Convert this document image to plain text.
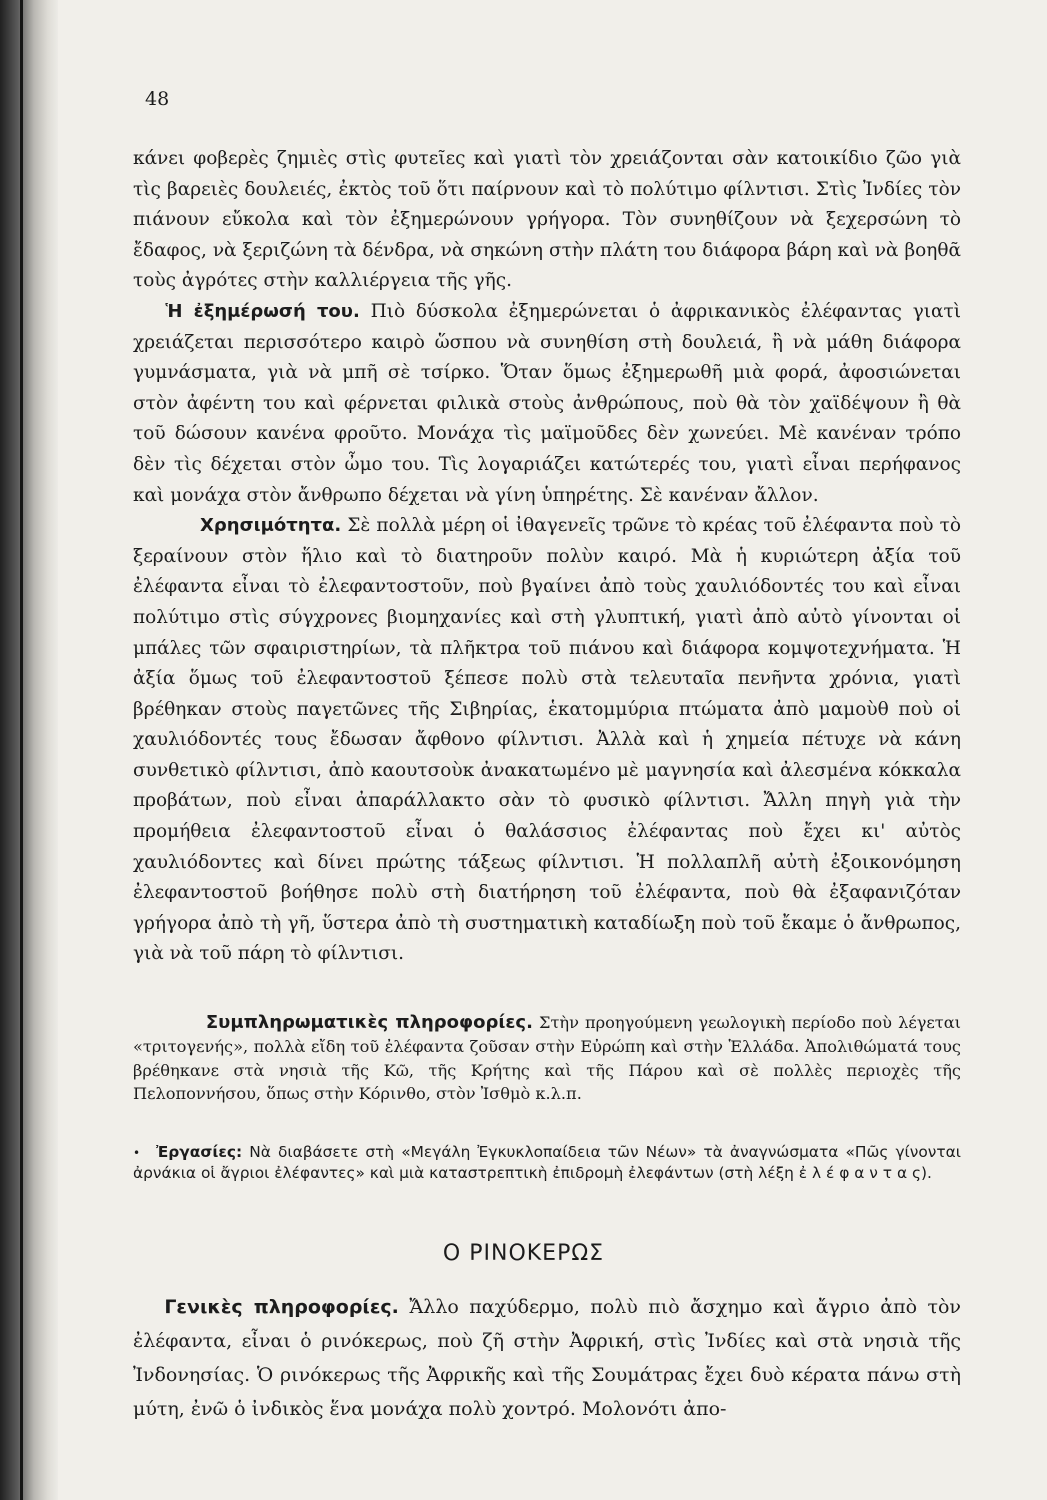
48

κάνει φοβερὲς ζημιὲς στὶς φυτεῖες καὶ γιατὶ τὸν χρειάζονται σὰν κατοικίδιο ζῶο γιὰ τὶς βαρειὲς δουλειές, ἐκτὸς τοῦ ὅτι παίρνουν καὶ τὸ πολύτιμο φίλντισι. Στὶς Ἰνδίες τὸν πιάνουν εὔκολα καὶ τὸν ἐξημερώνουν γρήγορα. Τὸν συνηθίζουν νὰ ξεχερσώνη τὸ ἔδαφος, νὰ ξεριζώνη τὰ δένδρα, νὰ σηκώνη στὴν πλάτη του διάφορα βάρη καὶ νὰ βοηθᾶ τοὺς ἀγρότες στὴν καλλιέργεια τῆς γῆς.

Ἡ ἐξημέρωσή του. Πιὸ δύσκολα ἐξημερώνεται ὁ ἀφρικανικὸς ἐλέφαντας γιατὶ χρειάζεται περισσότερο καιρὸ ὥσπου νὰ συνηθίση στὴ δουλειά, ἢ νὰ μάθη διάφορα γυμνάσματα, γιὰ νὰ μπῆ σὲ τσίρκο. Ὅταν ὅμως ἐξημερωθῆ μιὰ φορά, ἀφοσιώνεται στὸν ἀφέντη του καὶ φέρνεται φιλικὰ στοὺς ἀνθρώπους, ποὺ θὰ τὸν χαϊδέψουν ἢ θὰ τοῦ δώσουν κανένα φροῦτο. Μονάχα τὶς μαϊμοῦδες δὲν χωνεύει. Μὲ κανέναν τρόπο δὲν τὶς δέχεται στὸν ὦμο του. Τὶς λογαριάζει κατώτερές του, γιατὶ εἶναι περήφανος καὶ μονάχα στὸν ἄνθρωπο δέχεται νὰ γίνη ὑπηρέτης. Σὲ κανέναν ἄλλον.

Χρησιμότητα. Σὲ πολλὰ μέρη οἱ ἰθαγενεῖς τρῶνε τὸ κρέας τοῦ ἐλέφαντα ποὺ τὸ ξεραίνουν στὸν ἥλιο καὶ τὸ διατηροῦν πολὺν καιρό. Μὰ ἡ κυριώτερη ἀξία τοῦ ἐλέφαντα εἶναι τὸ ἐλεφαντοστοῦν, ποὺ βγαίνει ἀπὸ τοὺς χαυλιόδοντές του καὶ εἶναι πολύτιμο στὶς σύγχρονες βιομηχανίες καὶ στὴ γλυπτική, γιατὶ ἀπὸ αὐτὸ γίνονται οἱ μπάλες τῶν σφαιριστηρίων, τὰ πλῆκτρα τοῦ πιάνου καὶ διάφορα κομψοτεχνήματα. Ἡ ἀξία ὅμως τοῦ ἐλεφαντοστοῦ ξέπεσε πολὺ στὰ τελευταῖα πενῆντα χρόνια, γιατὶ βρέθηκαν στοὺς παγετῶνες τῆς Σιβηρίας, ἑκατομμύρια πτώματα ἀπὸ μαμοὺθ ποὺ οἱ χαυλιόδοντές τους ἔδωσαν ἄφθονο φίλντισι. Ἀλλὰ καὶ ἡ χημεία πέτυχε νὰ κάνη συνθετικὸ φίλντισι, ἀπὸ καουτσοὺκ ἀνακατωμένο μὲ μαγνησία καὶ ἀλεσμένα κόκκαλα προβάτων, ποὺ εἶναι ἀπαράλλακτο σὰν τὸ φυσικὸ φίλντισι. Ἄλλη πηγὴ γιὰ τὴν προμήθεια ἐλεφαντοστοῦ εἶναι ὁ θαλάσσιος ἐλέφαντας ποὺ ἔχει κι' αὐτὸς χαυλιόδοντες καὶ δίνει πρώτης τάξεως φίλντισι. Ἡ πολλαπλῆ αὐτὴ ἐξοικονόμηση ἐλεφαντοστοῦ βοήθησε πολὺ στὴ διατήρηση τοῦ ἐλέφαντα, ποὺ θὰ ἐξαφανιζόταν γρήγορα ἀπὸ τὴ γῆ, ὕστερα ἀπὸ τὴ συστηματικὴ καταδίωξη ποὺ τοῦ ἔκαμε ὁ ἄνθρωπος, γιὰ νὰ τοῦ πάρη τὸ φίλντισι.

Συμπληρωματικὲς πληροφορίες. Στὴν προηγούμενη γεωλογικὴ περίοδο ποὺ λέγεται «τριτογενής», πολλὰ εἴδη τοῦ ἐλέφαντα ζοῦσαν στὴν Εὐρώπη καὶ στὴν Ἑλλάδα. Ἀπολιθώματά τους βρέθηκανε στὰ νησιὰ τῆς Κῶ, τῆς Κρήτης καὶ τῆς Πάρου καὶ σὲ πολλὲς περιοχὲς τῆς Πελοποννήσου, ὅπως στὴν Κόρινθο, στὸν Ἰσθμὸ κ.λ.π.

• Ἐργασίες: Νὰ διαβάσετε στὴ «Μεγάλη Ἐγκυκλοπαίδεια τῶν Νέων» τὰ ἀναγνώσματα «Πῶς γίνονται ἀρνάκια οἱ ἄγριοι ἐλέφαντες» καὶ μιὰ καταστρεπτικὴ ἐπιδρομὴ ἐλεφάντων (στὴ λέξη ἐ λ έ φ α ν τ α ς).

Ο ΡΙΝΟΚΕΡΩΣ

Γενικὲς πληροφορίες. Ἄλλο παχύδερμο, πολὺ πιὸ ἄσχημο καὶ ἄγριο ἀπὸ τὸν ἐλέφαντα, εἶναι ὁ ρινόκερως, ποὺ ζῆ στὴν Ἀφρική, στὶς Ἰνδίες καὶ στὰ νησιὰ τῆς Ἰνδονησίας. Ὁ ρινόκερως τῆς Ἀφρικῆς καὶ τῆς Σουμάτρας ἔχει δυὸ κέρατα πάνω στὴ μύτη, ἐνῶ ὁ ἰνδικὸς ἕνα μονάχα πολὺ χοντρό. Μολονότι ἀπο-
